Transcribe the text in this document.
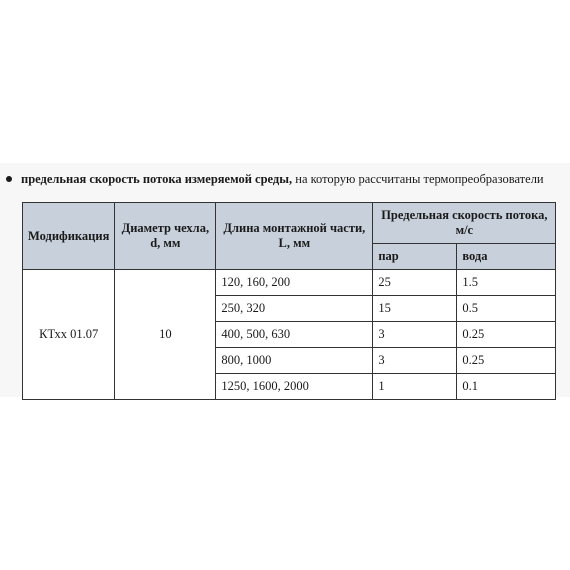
предельная скорость потока измеряемой среды, на которую рассчитаны термопреобразователи
Модификация	Диаметр чехла, d, мм	Длина монтажной части, L, мм	Предельная скорость потока, м/с	
			пар	вода
КТхх 01.07	10	120, 160, 200	25	1.5
		250, 320	15	0.5
		400, 500, 630	3	0.25
		800, 1000	3	0.25
		1250, 1600, 2000	1	0.1
